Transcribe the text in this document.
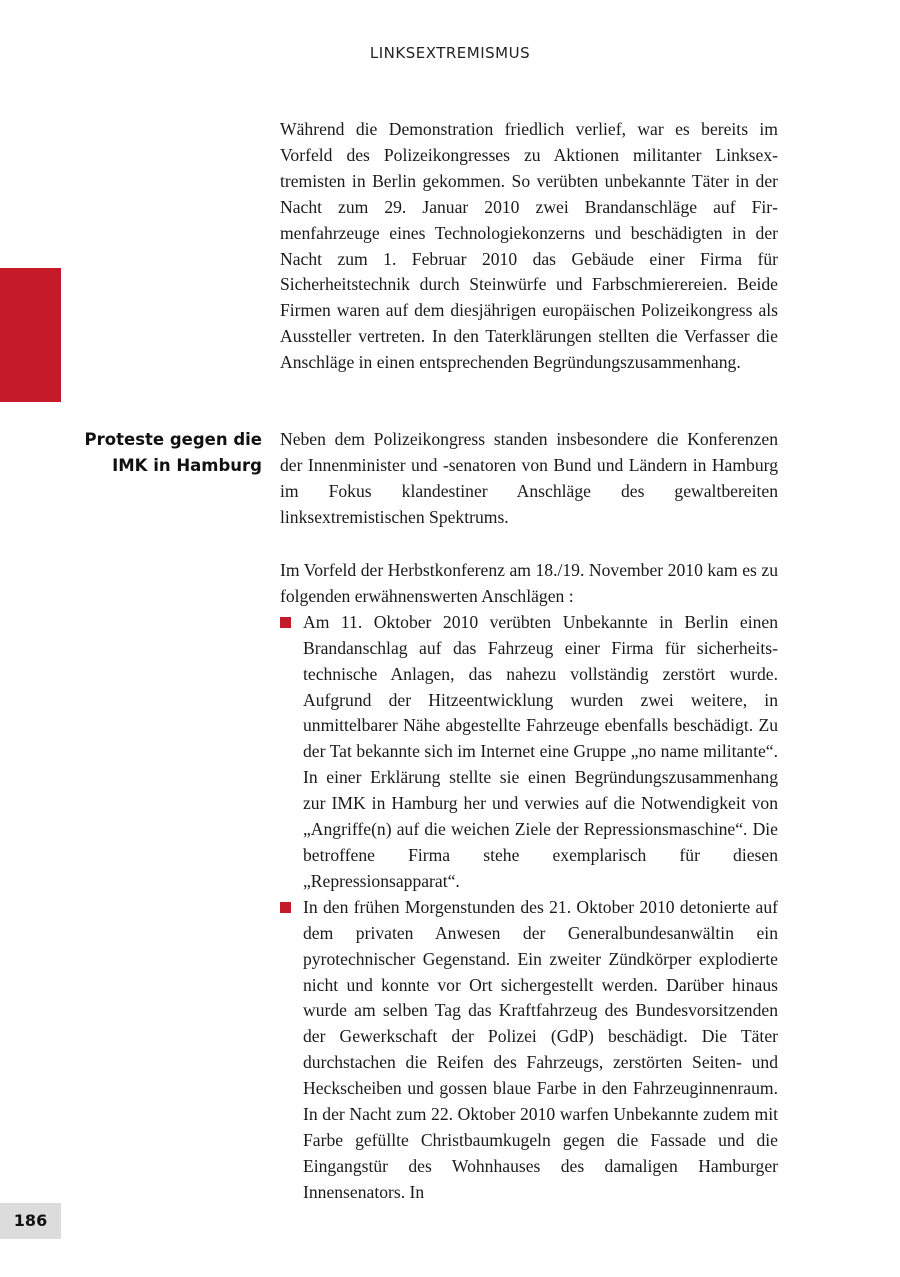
LINKSEXTREMISMUS
Proteste gegen die
IMK in Hamburg

Während die Demonstration friedlich verlief, war es bereits im Vorfeld des Polizeikongresses zu Aktionen militanter Linksextremisten in Berlin gekommen. So verübten unbekannte Täter in der Nacht zum 29. Januar 2010 zwei Brandanschläge auf Firmenfahrzeuge eines Technologiekonzerns und beschädigten in der Nacht zum 1. Februar 2010 das Gebäude einer Firma für Sicherheitstechnik durch Steinwürfe und Farbschmierereien. Beide Firmen waren auf dem diesjährigen europäischen Polizeikongress als Aussteller vertreten. In den Taterklärungen stellten die Verfasser die Anschläge in einen entsprechenden Begründungszusammenhang.

Neben dem Polizeikongress standen insbesondere die Konferenzen der Innenminister und -senatoren von Bund und Ländern in Hamburg im Fokus klandestiner Anschläge des gewaltbereiten linksextremistischen Spektrums.

Im Vorfeld der Herbstkonferenz am 18./19. November 2010 kam es zu folgenden erwähnenswerten Anschlägen :

Am 11. Oktober 2010 verübten Unbekannte in Berlin einen Brandanschlag auf das Fahrzeug einer Firma für sicherheitstechnische Anlagen, das nahezu vollständig zerstört wurde. Aufgrund der Hitzeentwicklung wurden zwei weitere, in unmittelbarer Nähe abgestellte Fahrzeuge ebenfalls beschädigt. Zu der Tat bekannte sich im Internet eine Gruppe „no name militante“. In einer Erklärung stellte sie einen Begründungszusammenhang zur IMK in Hamburg her und verwies auf die Notwendigkeit von „Angriffe(n) auf die weichen Ziele der Repressionsmaschine“. Die betroffene Firma stehe exemplarisch für diesen „Repressionsapparat“.
In den frühen Morgenstunden des 21. Oktober 2010 detonierte auf dem privaten Anwesen der Generalbundesanwältin ein pyrotechnischer Gegenstand. Ein zweiter Zündkörper explodierte nicht und konnte vor Ort sichergestellt werden. Darüber hinaus wurde am selben Tag das Kraftfahrzeug des Bundesvorsitzenden der Gewerkschaft der Polizei (GdP) beschädigt. Die Täter durchstachen die Reifen des Fahrzeugs, zerstörten Seiten- und Heckscheiben und gossen blaue Farbe in den Fahrzeuginnenraum. In der Nacht zum 22. Oktober 2010 warfen Unbekannte zudem mit Farbe gefüllte Christbaumkugeln gegen die Fassade und die Eingangstür des Wohnhauses des damaligen Hamburger Innensenators. In
186
